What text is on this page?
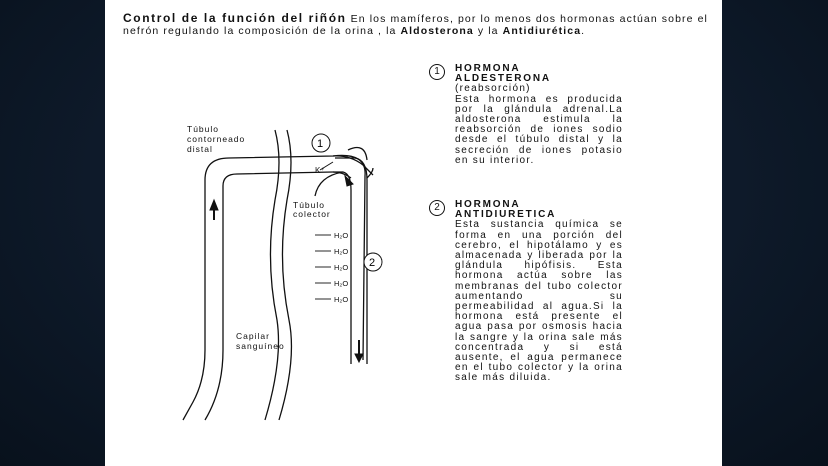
Control de la función del riñón En los mamíferos, por lo menos dos hormonas actúan sobre el nefrón regulando la composición de la orina , la Aldosterona y la Antidiurética.
K⁺
H₂O
H₂O
H₂O
H₂O
H₂O
1
2
Túbulo
contorneado
distal
Túbulo
colector
Capilar
sanguíneo
1	HORMONA
ALDESTERONA
(reabsorción)

Esta hormona es producida por la glándula adrenal.La aldosterona estimula la reabsorción de iones sodio desde el túbulo distal y la secreción de iones potasio en su interior.

2	HORMONA
ANTIDIURETICA

Esta sustancia química se forma en una porción del cerebro, el hipotálamo y es almacenada y liberada por la glándula hipófisis. Esta hormona actúa sobre las membranas del tubo colector aumentando su permeabilidad al agua.Si la hormona está presente el agua pasa por osmosis hacia la sangre y la orina sale más concentrada y si está ausente, el agua permanece en el tubo colector y la orina sale más diluida.
